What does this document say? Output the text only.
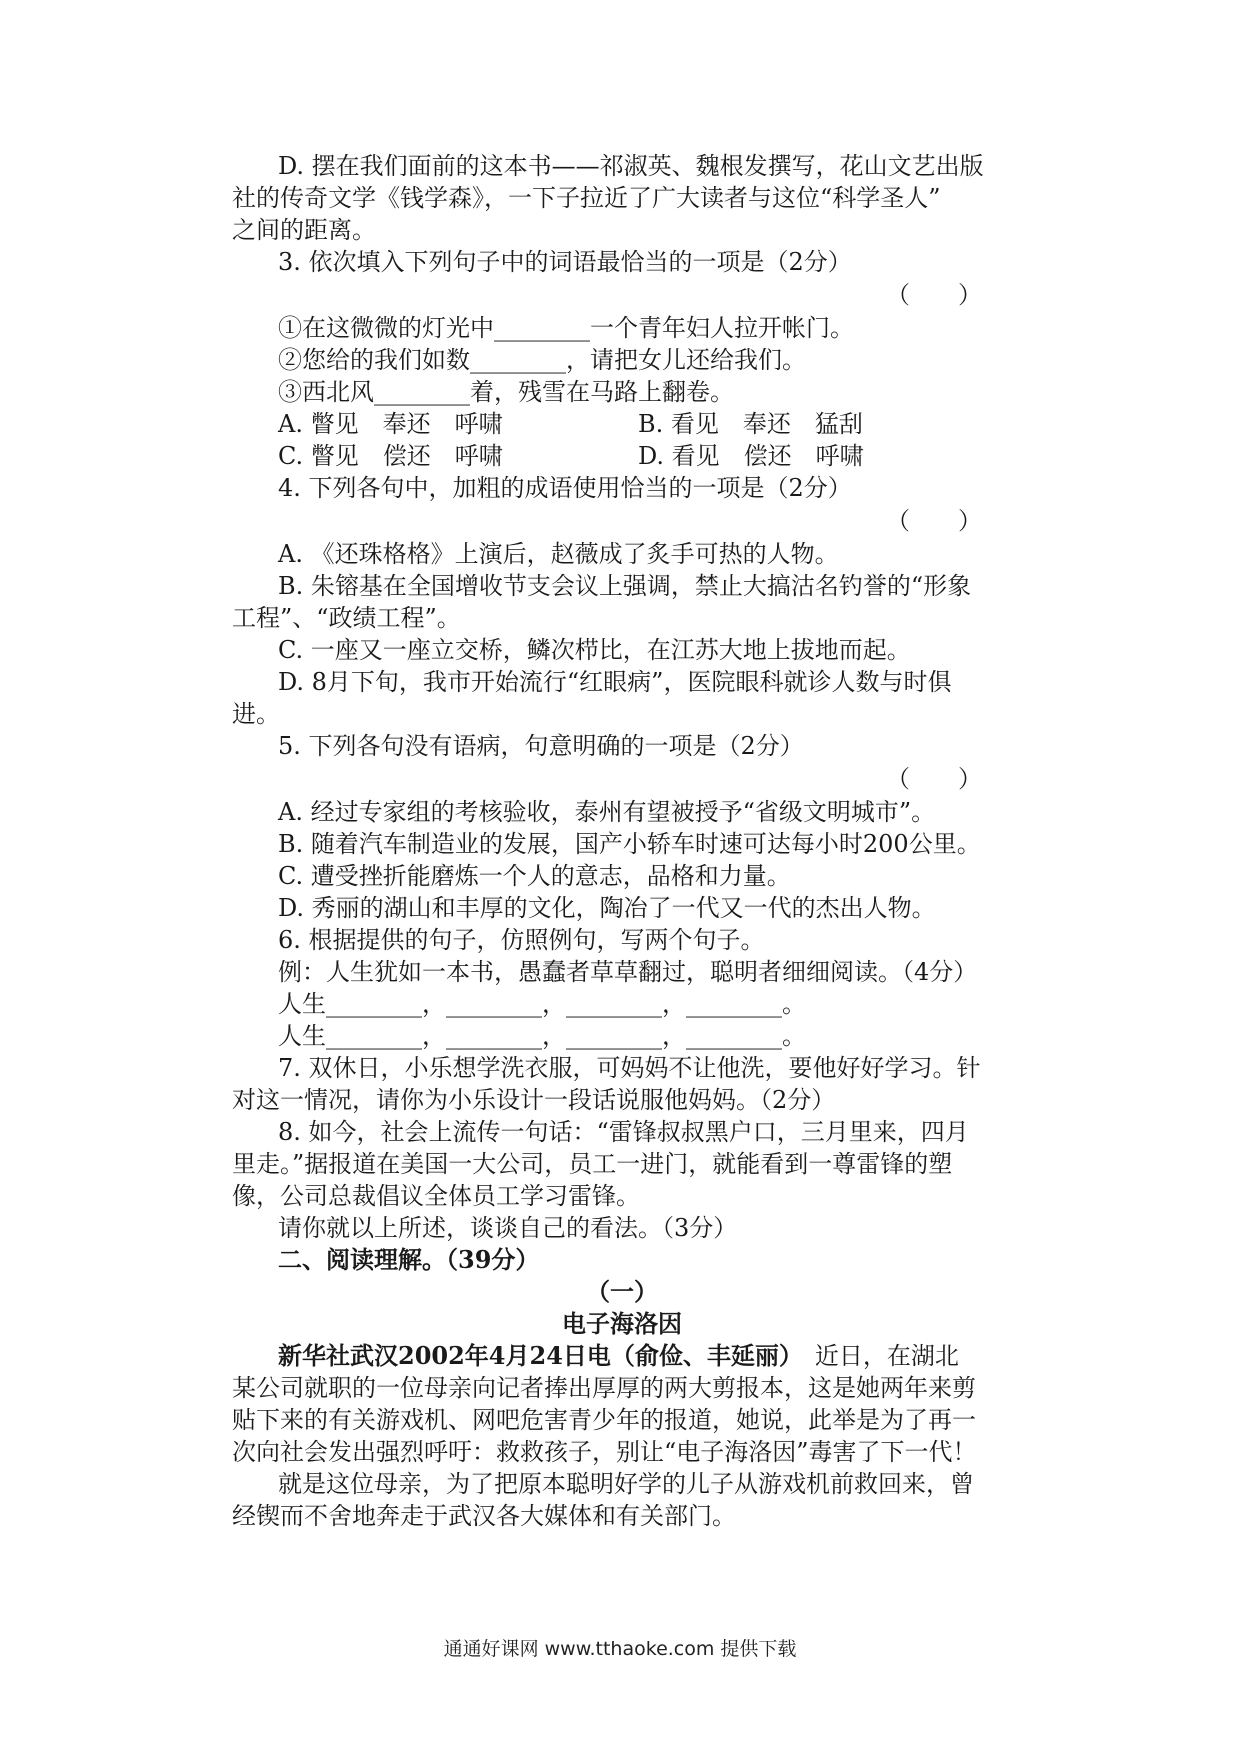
D. 摆在我们面前的这本书——祁淑英、魏根发撰写，花山文艺出版
社的传奇文学《钱学森》，一下子拉近了广大读者与这位“科学圣人”
之间的距离。
3. 依次填入下列句子中的词语最恰当的一项是（2分）
（　　）
①在这微微的灯光中________一个青年妇人拉开帐门。
②您给的我们如数________，请把女儿还给我们。
③西北风________着，残雪在马路上翻卷。
A. 瞥见　奉还　呼啸	B. 看见　奉还　猛刮
C. 瞥见　偿还　呼啸	D. 看见　偿还　呼啸
4. 下列各句中，加粗的成语使用恰当的一项是（2分）
（　　）
A. 《还珠格格》上演后，赵薇成了炙手可热的人物。
B. 朱镕基在全国增收节支会议上强调，禁止大搞沽名钓誉的“形象
工程”、“政绩工程”。
C. 一座又一座立交桥，鳞次栉比，在江苏大地上拔地而起。
D. 8月下旬，我市开始流行“红眼病”，医院眼科就诊人数与时俱
进。
5. 下列各句没有语病，句意明确的一项是（2分）
（　　）
A. 经过专家组的考核验收，泰州有望被授予“省级文明城市”。
B. 随着汽车制造业的发展，国产小轿车时速可达每小时200公里。
C. 遭受挫折能磨炼一个人的意志，品格和力量。
D. 秀丽的湖山和丰厚的文化，陶冶了一代又一代的杰出人物。
6. 根据提供的句子，仿照例句，写两个句子。
例：人生犹如一本书，愚蠢者草草翻过，聪明者细细阅读。（4分）
人生________，________，________，________。
人生________，________，________，________。
7. 双休日，小乐想学洗衣服，可妈妈不让他洗，要他好好学习。针
对这一情况，请你为小乐设计一段话说服他妈妈。（2分）
8. 如今，社会上流传一句话：“雷锋叔叔黑户口，三月里来，四月
里走。”据报道在美国一大公司，员工一进门，就能看到一尊雷锋的塑
像，公司总裁倡议全体员工学习雷锋。
请你就以上所述，谈谈自己的看法。（3分）
二、阅读理解。（39分）
（一）
电子海洛因
新华社武汉2002年4月24日电（俞俭、丰延丽）　近日，在湖北
某公司就职的一位母亲向记者捧出厚厚的两大剪报本，这是她两年来剪
贴下来的有关游戏机、网吧危害青少年的报道，她说，此举是为了再一
次向社会发出强烈呼吁：救救孩子，别让“电子海洛因”毒害了下一代！
就是这位母亲，为了把原本聪明好学的儿子从游戏机前救回来，曾
经锲而不舍地奔走于武汉各大媒体和有关部门。
通通好课网 www.tthaoke.com 提供下载
